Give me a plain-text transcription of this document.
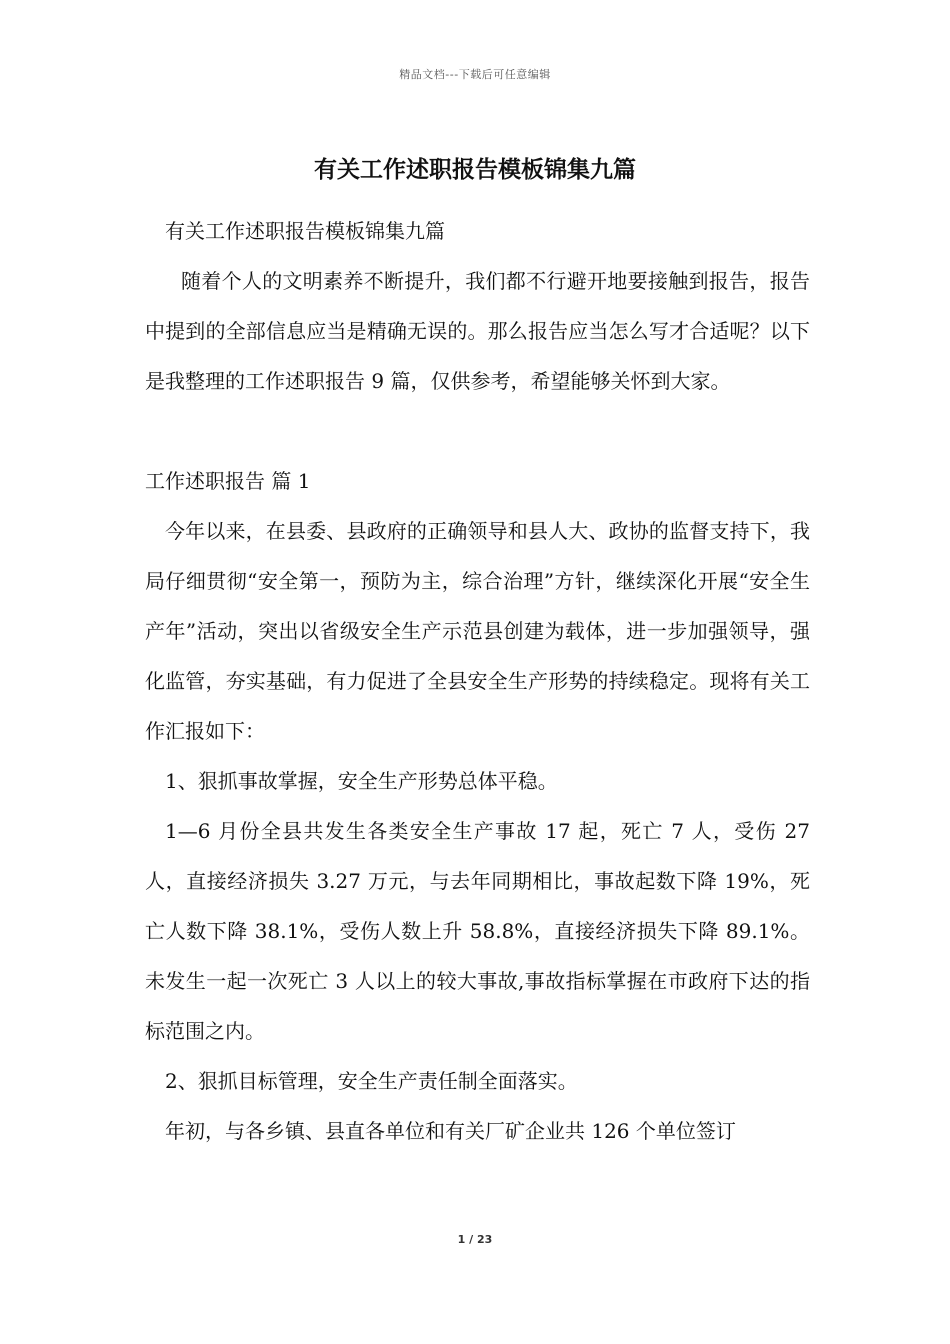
精品文档---下载后可任意编辑
有关工作述职报告模板锦集九篇

有关工作述职报告模板锦集九篇

随着个人的文明素养不断提升，我们都不行避开地要接触到报告，报告中提到的全部信息应当是精确无误的。那么报告应当怎么写才合适呢？以下是我整理的工作述职报告 9 篇，仅供参考，希望能够关怀到大家。

工作述职报告 篇 1

今年以来，在县委、县政府的正确领导和县人大、政协的监督支持下，我局仔细贯彻“安全第一，预防为主，综合治理”方针，继续深化开展“安全生产年”活动，突出以省级安全生产示范县创建为载体，进一步加强领导，强化监管，夯实基础，有力促进了全县安全生产形势的持续稳定。现将有关工作汇报如下：

1、狠抓事故掌握，安全生产形势总体平稳。

1—6 月份全县共发生各类安全生产事故 17 起，死亡 7 人，受伤 27 人，直接经济损失 3.27 万元，与去年同期相比，事故起数下降 19%，死亡人数下降 38.1%，受伤人数上升 58.8%，直接经济损失下降 89.1%。未发生一起一次死亡 3 人以上的较大事故,事故指标掌握在市政府下达的指标范围之内。

2、狠抓目标管理，安全生产责任制全面落实。

年初，与各乡镇、县直各单位和有关厂矿企业共 126 个单位签订

1 / 23
